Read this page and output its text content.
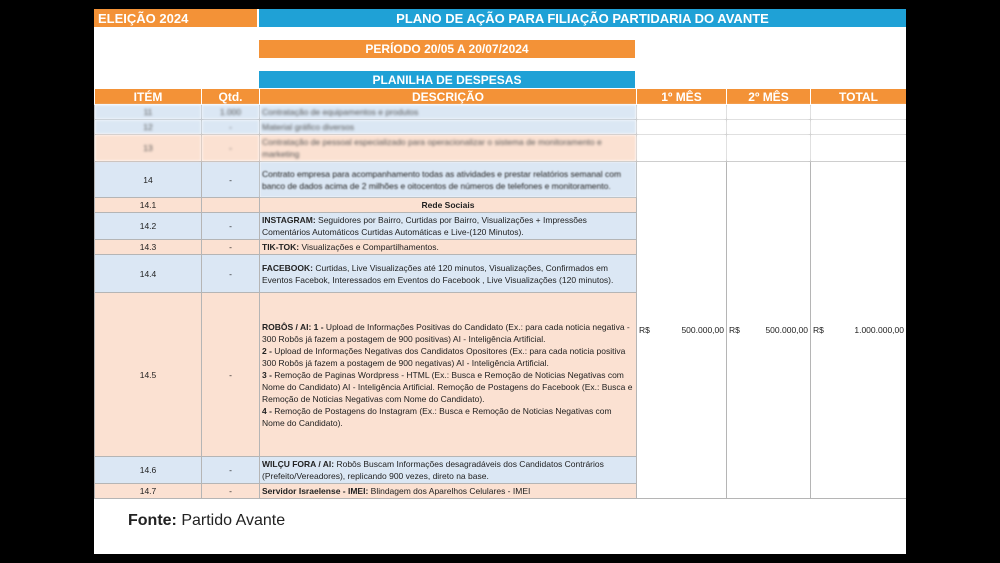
ELEIÇÃO 2024	PLANO DE AÇÃO PARA FILIAÇÃO PARTIDARIA DO AVANTE
PERÍODO 20/05 A 20/07/2024
PLANILHA DE DESPESAS
ITÉM	Qtd.	DESCRIÇÃO	1º MÊS	2º MÊS	TOTAL
11	1.000	Contratação de equipamentos e produtos			
12	-	Material gráfico diversos			
13	-	Contratação de pessoal especializado para operacionalizar o sistema de monitoramento e marketing			
14	-	Contrato empresa para acompanhamento todas as atividades e prestar relatórios semanal com banco de dados acima de 2 milhões e oitocentos de números de telefones e monitoramento.	R$ 500.000,00	R$ 500.000,00	R$ 1.000.000,00

14.1		Rede Sociais			
14.2	-	INSTAGRAM: Seguidores por Bairro, Curtidas por Bairro, Visualizações + Impressões Comentários Automáticos Curtidas Automáticas e Live-(120 Minutos).			
14.3	-	TIK-TOK: Visualizações e Compartilhamentos.			
14.4	-	FACEBOOK: Curtidas, Live Visualizações até 120 minutos, Visualizações, Confirmados em Eventos Facebok, Interessados em Eventos do Facebook , Live Visualizações (120 minutos).			
14.5	-	ROBÔS / AI: 1 - Upload de Informações Positivas do Candidato (Ex.: para cada noticia negativa - 300 Robôs já fazem a postagem de 900 positivas) AI - Inteligência Artificial.
2 - Upload de Informações Negativas dos Candidatos Opositores (Ex.: para cada noticia positiva 300 Robôs já fazem a postagem de 900 negativas) AI - Inteligência Artificial.
3 - Remoção de Paginas Wordpress - HTML (Ex.: Busca e Remoção de Noticias Negativas com Nome do Candidato) AI - Inteligência Artificial. Remoção de Postagens do Facebook (Ex.: Busca e Remoção de Noticias Negativas com Nome do Candidato).
4 - Remoção de Postagens do Instagram (Ex.: Busca e Remoção de Noticias Negativas com Nome do Candidato).			

14.6	-	WILÇU FORA / AI: Robôs Buscam Informações desagradáveis dos Candidatos Contrários (Prefeito/Vereadores), replicando 900 vezes, direto na base.			
14.7	-	Servidor Israelense - IMEI: Blindagem dos Aparelhos Celulares - IMEI			
Fonte: Partido Avante
